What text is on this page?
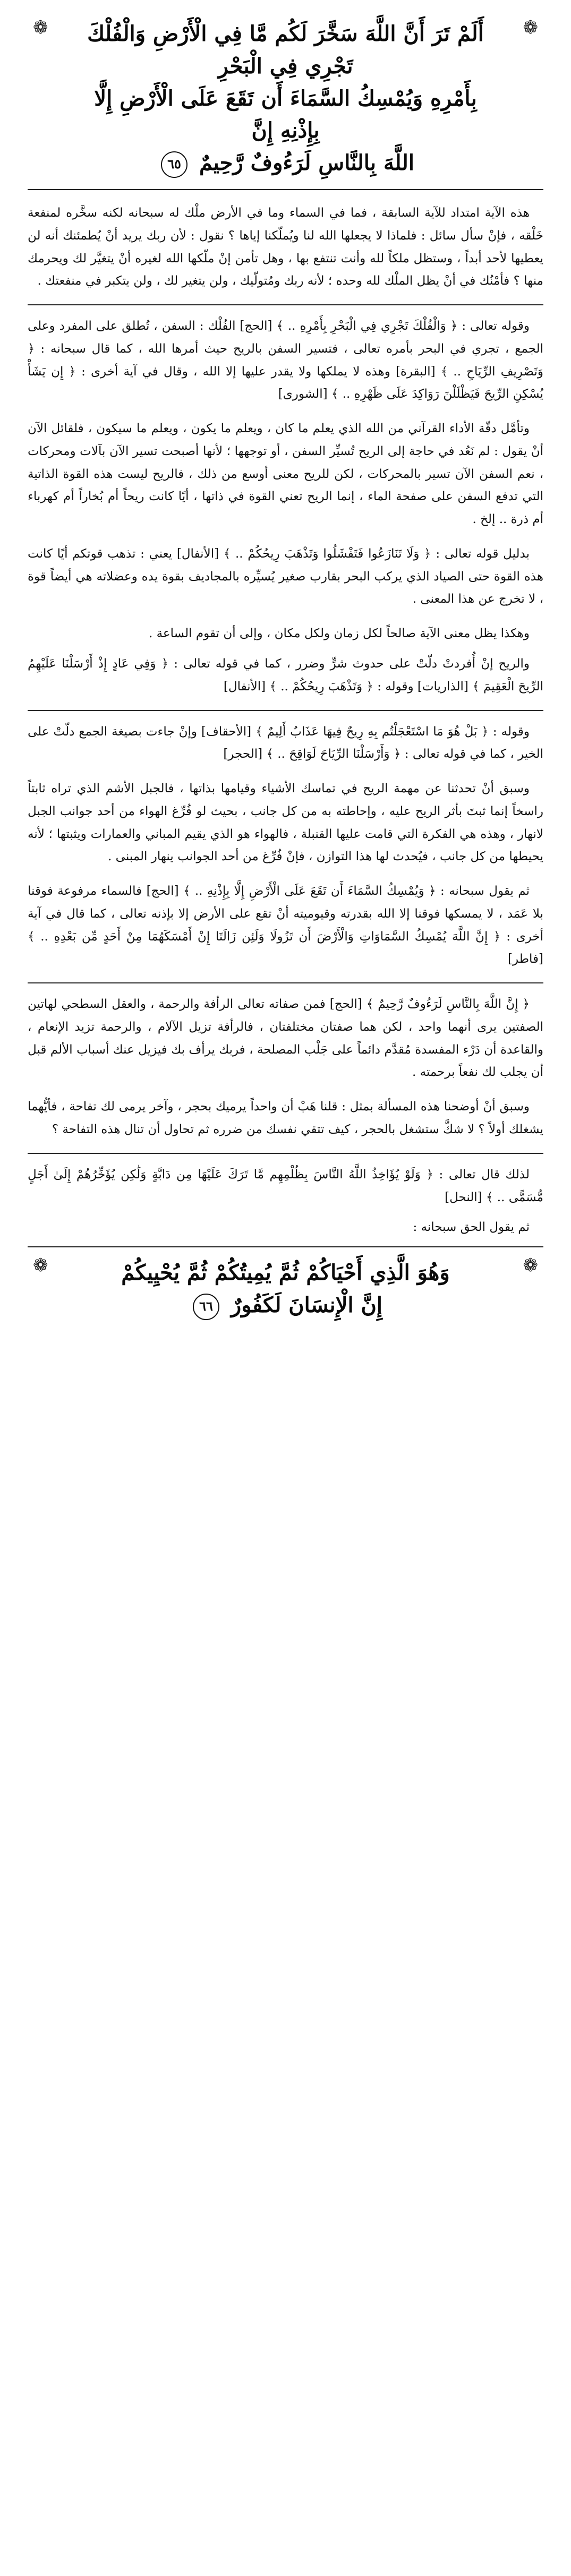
❁
❁	أَلَمْ تَرَ أَنَّ اللَّهَ سَخَّرَ لَكُم مَّا فِي الْأَرْضِ وَالْفُلْكَ تَجْرِي فِي الْبَحْرِ
بِأَمْرِهِ وَيُمْسِكُ السَّمَاءَ أَن تَقَعَ عَلَى الْأَرْضِ إِلَّا بِإِذْنِهِ إِنَّ
اللَّهَ بِالنَّاسِ لَرَءُوفٌ رَّحِيمٌ ٦٥

هذه الآية امتداد للآية السابقة ، فما في السماء وما في الأرض ملْك له سبحانه لكنه سخَّره لمنفعة خَلْقه ، فإنْ سأل سائل : فلماذا لا يجعلها الله لنا ويُملّكنا إياها ؟ نقول : لأن ربك يريد أنْ يُطمئنك أنه لن يعطيها لأحد أبداً ، وستظل ملكاً لله وأنت تنتفع بها ، وهل تأمن إنْ ملّكها الله لغيره أنْ يتغيَّر لك ويحرمك منها ؟ فأمْنُك في أنْ يظل الملْك لله وحده ؛ لأنه ربك ومُتولّيك ، ولن يتغير لك ، ولن يتكبر في منفعتك .

وقوله تعالى : ﴿ وَالْفُلْكَ تَجْرِي فِي الْبَحْرِ بِأَمْرِهِ .. ﴾ [الحج] الفُلْك : السفن ، تُطلق على المفرد وعلى الجمع ، تجري في البحر بأمره تعالى ، فتسير السفن بالريح حيث أمرها الله ، كما قال سبحانه : ﴿ وَتَصْرِيفِ الرِّيَاحِ .. ﴾ [البقرة] وهذه لا يملكها ولا يقدر عليها إلا الله ، وقال في آية أخرى : ﴿ إِن يَشَأْ يُسْكِنِ الرِّيحَ فَيَظْلَلْنَ رَوَاكِدَ عَلَى ظَهْرِهِ .. ﴾ [الشورى]

وتأمَّل دقّة الأداء القرآني من الله الذي يعلم ما كان ، ويعلم ما يكون ، ويعلم ما سيكون ، فلقائل الآن أنْ يقول : لم نَعُد في حاجة إلى الريح تُسيِّر السفن ، أو توجهها ؛ لأنها أصبحت تسير الآن بآلات ومحركات ، نعم السفن الآن تسير بالمحركات ، لكن للريح معنى أوسع من ذلك ، فالريح ليست هذه القوة الذاتية التي تدفع السفن على صفحة الماء ، إنما الريح تعني القوة في ذاتها ، أيًا كانت ريحاً أم بُخاراً أم كهرباء أم ذرة .. إلخ .

بدليل قوله تعالى : ﴿ وَلَا تَنَازَعُوا فَتَفْشَلُوا وَتَذْهَبَ رِيحُكُمْ .. ﴾ [الأنفال] يعني : تذهب قوتكم أيًا كانت هذه القوة حتى الصياد الذي يركب البحر بقارب صغير يُسيِّره بالمجاديف بقوة يده وعضلاته هي أيضاً قوة ، لا تخرج عن هذا المعنى .

وهكذا يظل معنى الآية صالحاً لكل زمان ولكل مكان ، وإلى أن تقوم الساعة .

والريح إنْ أُفردتْ دلّتْ على حدوث شرٍّ وضرر ، كما في قوله تعالى : ﴿ وَفِي عَادٍ إِذْ أَرْسَلْنَا عَلَيْهِمُ الرِّيحَ الْعَقِيمَ ﴾ [الذاريات] وقوله : ﴿ وَتَذْهَبَ رِيحُكُمْ .. ﴾ [الأنفال]

وقوله : ﴿ بَلْ هُوَ مَا اسْتَعْجَلْتُم بِهِ رِيحٌ فِيهَا عَذَابٌ أَلِيمٌ ﴾ [الأحقاف] وإنْ جاءت بصيغة الجمع دلّتْ على الخير ، كما في قوله تعالى : ﴿ وَأَرْسَلْنَا الرِّيَاحَ لَوَاقِحَ .. ﴾ [الحجر]

وسبق أنْ تحدثنا عن مهمة الريح في تماسك الأشياء وقيامها بذاتها ، فالجبل الأشم الذي تراه ثابتاً راسخاً إنما ثبتَ بأثر الريح عليه ، وإحاطته به من كل جانب ، بحيث لو فُرِّغ الهواء من أحد جوانب الجبل لانهار ، وهذه هي الفكرة التي قامت عليها القنبلة ، فالهواء هو الذي يقيم المباني والعمارات ويثبتها ؛ لأنه يحيطها من كل جانب ، فيُحدث لها هذا التوازن ، فإنْ فُرِّغ من أحد الجوانب ينهار المبنى .

ثم يقول سبحانه : ﴿ وَيُمْسِكُ السَّمَاءَ أَن تَقَعَ عَلَى الْأَرْضِ إِلَّا بِإِذْنِهِ .. ﴾ [الحج] فالسماء مرفوعة فوقنا بلا عَمَد ، لا يمسكها فوقنا إلا الله بقدرته وقيوميته أنْ تقع على الأرض إلا بإذنه تعالى ، كما قال في آية أخرى : ﴿ إِنَّ اللَّهَ يُمْسِكُ السَّمَاوَاتِ وَالْأَرْضَ أَن تَزُولَا وَلَئِن زَالَتَا إِنْ أَمْسَكَهُمَا مِنْ أَحَدٍ مِّن بَعْدِهِ .. ﴾ [فاطر]

﴿ إِنَّ اللَّهَ بِالنَّاسِ لَرَءُوفٌ رَّحِيمٌ ﴾ [الحج] فمن صفاته تعالى الرأفة والرحمة ، والعقل السطحي لهاتين الصفتين يرى أنهما واحد ، لكن هما صفتان مختلفتان ، فالرأفة تزيل الآلام ، والرحمة تزيد الإنعام ، والقاعدة أن دَرْء المفسدة مُقدَّم دائماً على جَلْب المصلحة ، فربك يرأف بك فيزيل عنك أسباب الألم قبل أن يجلب لك نفعاً برحمته .

وسبق أنْ أوضحنا هذه المسألة بمثل : قلنا هَبْ أن واحداً يرميك بحجر ، وآخر يرمى لك تفاحة ، فأيُّهما يشغلك أولاً ؟ لا شكَّ ستشغل بالحجر ، كيف تتقي نفسك من ضرره ثم تحاول أن تنال هذه التفاحة ؟

لذلك قال تعالى : ﴿ وَلَوْ يُؤَاخِذُ اللَّهُ النَّاسَ بِظُلْمِهِم مَّا تَرَكَ عَلَيْهَا مِن دَابَّةٍ وَلَٰكِن يُؤَخِّرُهُمْ إِلَىٰ أَجَلٍ مُّسَمًّى .. ﴾ [النحل]

ثم يقول الحق سبحانه :

❁
❁	وَهُوَ الَّذِي أَحْيَاكُمْ ثُمَّ يُمِيتُكُمْ ثُمَّ يُحْيِيكُمْ
إِنَّ الْإِنسَانَ لَكَفُورٌ ٦٦
